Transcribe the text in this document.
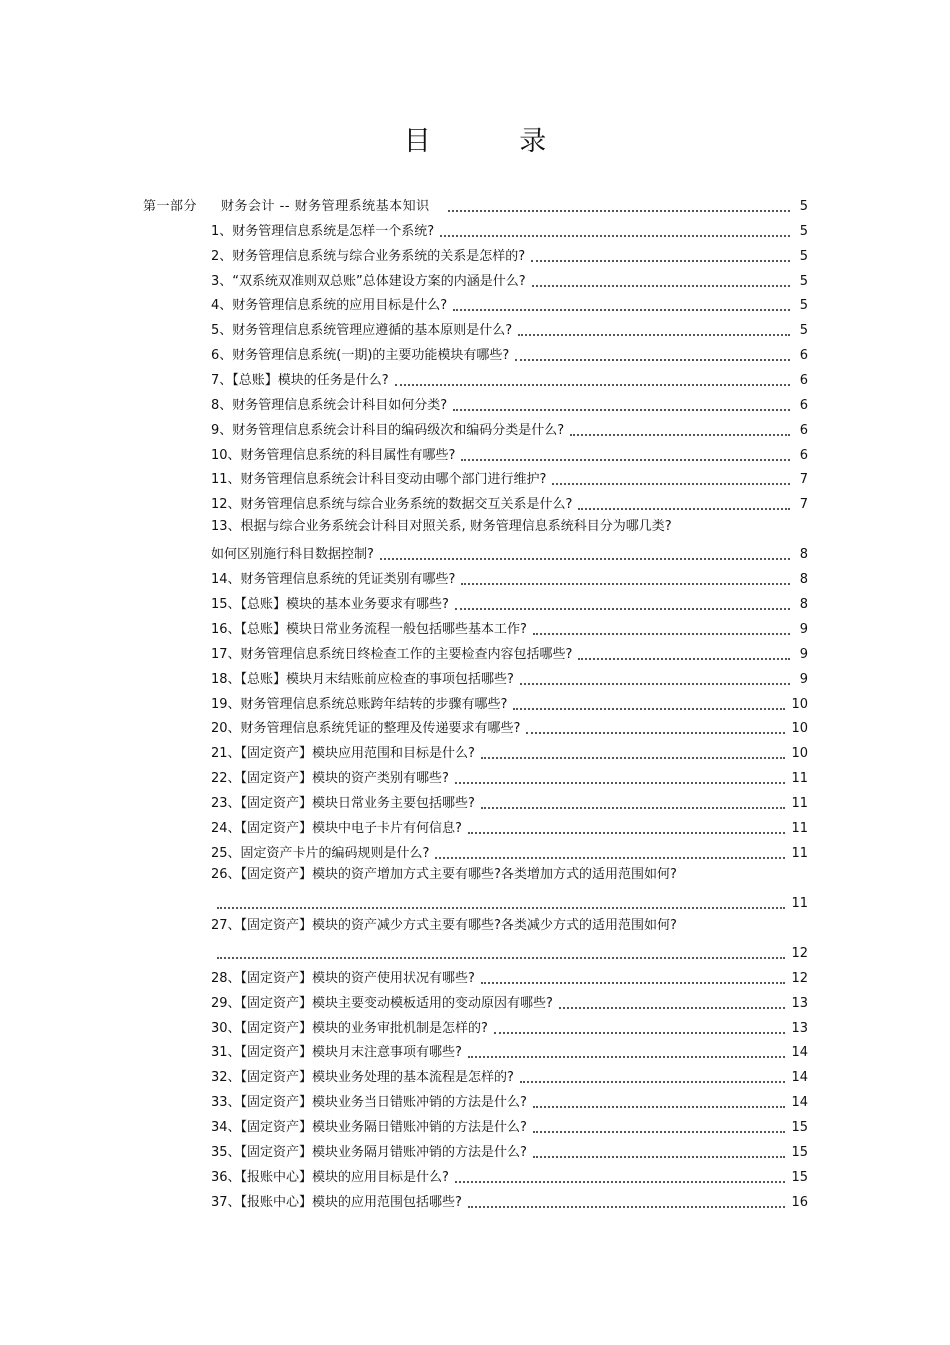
目 录
第一部分 财务会计 -- 财务管理系统基本知识	5
1、财务管理信息系统是怎样一个系统?	5
2、财务管理信息系统与综合业务系统的关系是怎样的?	5
3、“双系统双准则双总账”总体建设方案的内涵是什么?	5
4、财务管理信息系统的应用目标是什么?	5
5、财务管理信息系统管理应遵循的基本原则是什么?	5
6、财务管理信息系统(一期)的主要功能模块有哪些?	6
7、【总账】模块的任务是什么?	6
8、财务管理信息系统会计科目如何分类?	6
9、财务管理信息系统会计科目的编码级次和编码分类是什么?	6
10、财务管理信息系统的科目属性有哪些?	6
11、财务管理信息系统会计科目变动由哪个部门进行维护?	7
12、财务管理信息系统与综合业务系统的数据交互关系是什么?	7
13、根据与综合业务系统会计科目对照关系, 财务管理信息系统科目分为哪几类?
如何区别施行科目数据控制?	8
14、财务管理信息系统的凭证类别有哪些?	8
15、【总账】模块的基本业务要求有哪些?	8
16、【总账】模块日常业务流程一般包括哪些基本工作?	9
17、财务管理信息系统日终检查工作的主要检查内容包括哪些?	9
18、【总账】模块月末结账前应检查的事项包括哪些?	9
19、财务管理信息系统总账跨年结转的步骤有哪些?	10
20、财务管理信息系统凭证的整理及传递要求有哪些?	10
21、【固定资产】模块应用范围和目标是什么?	10
22、【固定资产】模块的资产类别有哪些?	11
23、【固定资产】模块日常业务主要包括哪些?	11
24、【固定资产】模块中电子卡片有何信息?	11
25、固定资产卡片的编码规则是什么?	11
26、【固定资产】模块的资产增加方式主要有哪些?各类增加方式的适用范围如何?
11
27、【固定资产】模块的资产减少方式主要有哪些?各类减少方式的适用范围如何?
12
28、【固定资产】模块的资产使用状况有哪些?	12
29、【固定资产】模块主要变动模板适用的变动原因有哪些?	13
30、【固定资产】模块的业务审批机制是怎样的?	13
31、【固定资产】模块月末注意事项有哪些?	14
32、【固定资产】模块业务处理的基本流程是怎样的?	14
33、【固定资产】模块业务当日错账冲销的方法是什么?	14
34、【固定资产】模块业务隔日错账冲销的方法是什么?	15
35、【固定资产】模块业务隔月错账冲销的方法是什么?	15
36、【报账中心】模块的应用目标是什么?	15
37、【报账中心】模块的应用范围包括哪些?	16
